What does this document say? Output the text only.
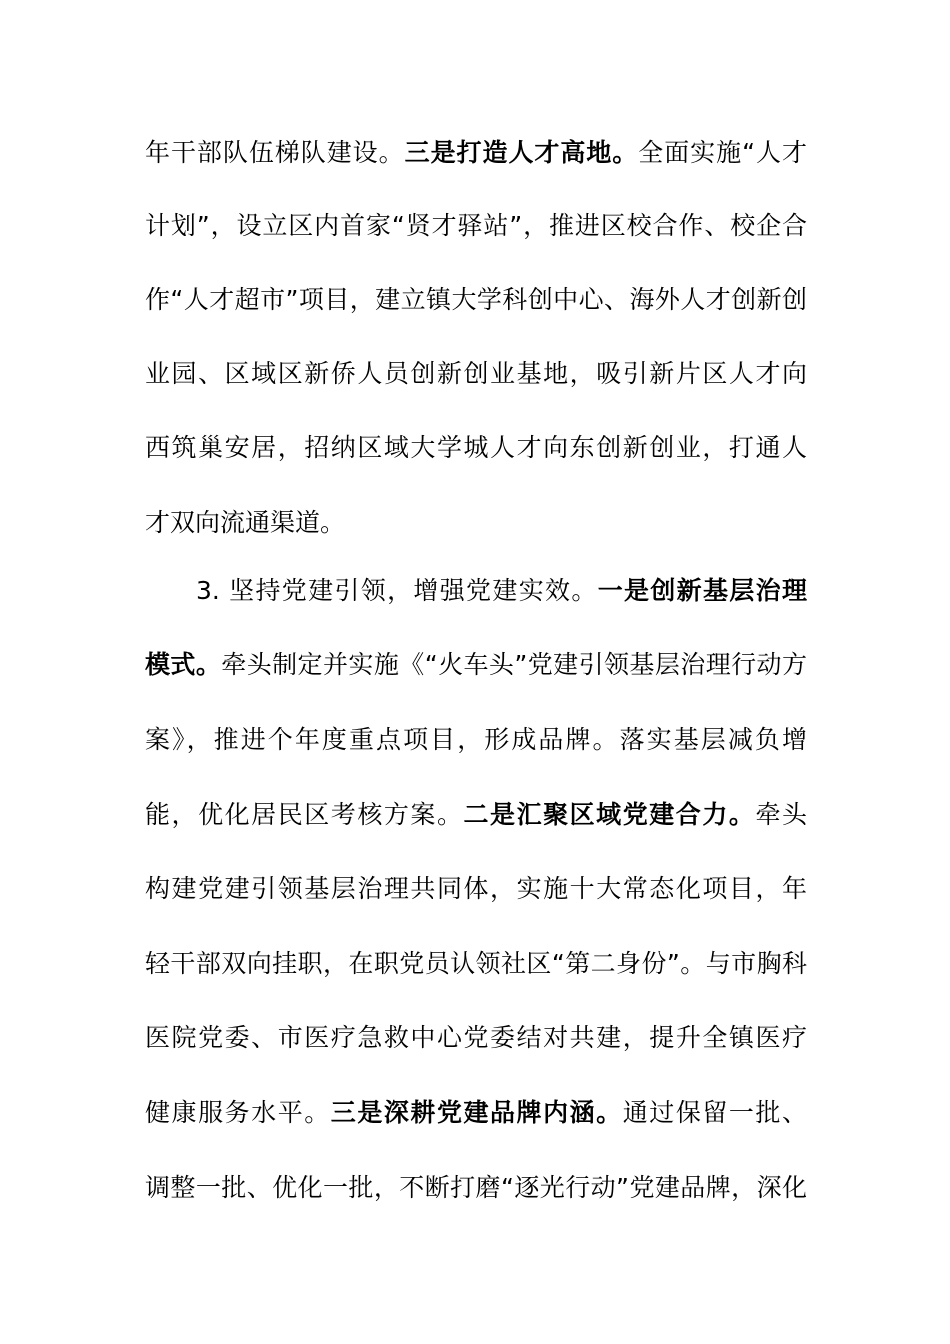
年干部队伍梯队建设。三是打造人才高地。全面实施“人才
计划”，设立区内首家“贤才驿站”，推进区校合作、校企合
作“人才超市”项目，建立镇大学科创中心、海外人才创新创
业园、区域区新侨人员创新创业基地，吸引新片区人才向
西筑巢安居，招纳区域大学城人才向东创新创业，打通人
才双向流通渠道。
3. 坚持党建引领，增强党建实效。一是创新基层治理
模式。牵头制定并实施《“火车头”党建引领基层治理行动方
案》，推进个年度重点项目，形成品牌。落实基层减负增
能，优化居民区考核方案。二是汇聚区域党建合力。牵头
构建党建引领基层治理共同体，实施十大常态化项目，年
轻干部双向挂职，在职党员认领社区“第二身份”。与市胸科
医院党委、市医疗急救中心党委结对共建，提升全镇医疗
健康服务水平。三是深耕党建品牌内涵。通过保留一批、
调整一批、优化一批，不断打磨“逐光行动”党建品牌，深化
